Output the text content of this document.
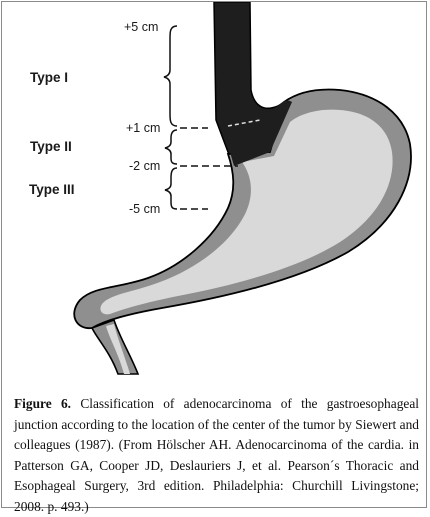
+5 cm
+1 cm
-2 cm
-5 cm
Type I
Type II
Type III
Figure 6. Classification of adenocarcinoma of the gastroesophageal junction according to the location of the center of the tumor by Siewert and colleagues (1987). (From Hölscher AH. Adenocarcinoma of the cardia. in Patterson GA, Cooper JD, Deslauriers J, et al. Pearson´s Thoracic and Esophageal Surgery, 3rd edition. Philadelphia: Churchill Livingstone; 2008. p. 493.)
